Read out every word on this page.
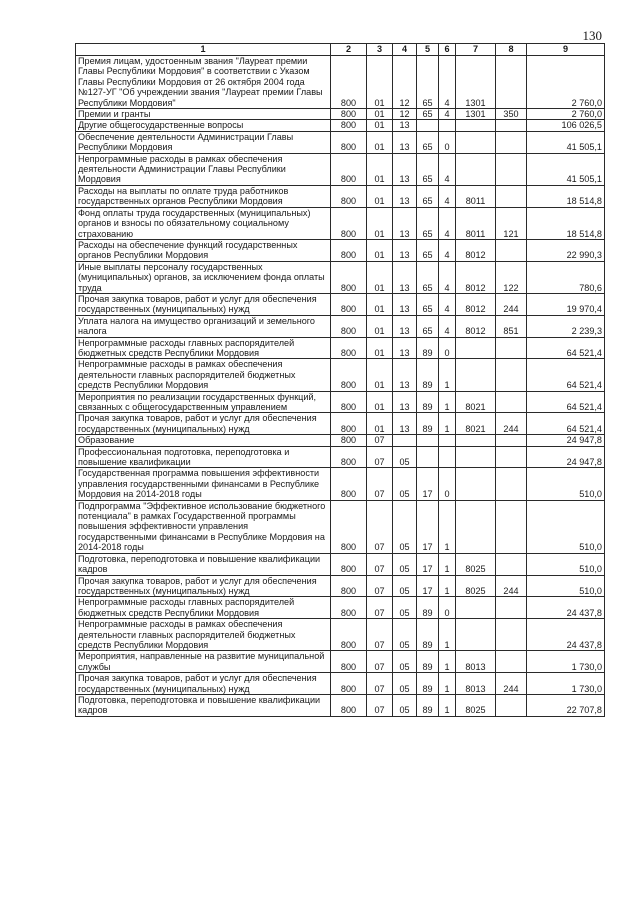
130
1	2	3	4	5	6	7	8	9
Премия лицам, удостоенным звания "Лауреат премии Главы Республики Мордовия" в соответствии с Указом Главы Республики Мордовия от 26 октября 2004 года №127-УГ "Об учреждении звания "Лауреат премии Главы Республики Мордовия"	800	01	12	65	4	1301		2 760,0
Премии и гранты	800	01	12	65	4	1301	350	2 760,0
Другие общегосударственные вопросы	800	01	13					106 026,5
Обеспечение деятельности Администрации Главы Республики Мордовия	800	01	13	65	0			41 505,1
Непрограммные расходы в рамках обеспечения деятельности Администрации Главы Республики Мордовия	800	01	13	65	4			41 505,1
Расходы на выплаты по оплате труда работников государственных органов Республики Мордовия	800	01	13	65	4	8011		18 514,8
Фонд оплаты труда государственных (муниципальных) органов и взносы по обязательному социальному страхованию	800	01	13	65	4	8011	121	18 514,8
Расходы на обеспечение функций государственных органов Республики Мордовия	800	01	13	65	4	8012		22 990,3
Иные выплаты персоналу государственных (муниципальных) органов, за исключением фонда оплаты труда	800	01	13	65	4	8012	122	780,6
Прочая закупка товаров, работ и услуг для обеспечения государственных (муниципальных) нужд	800	01	13	65	4	8012	244	19 970,4
Уплата налога на имущество организаций и земельного налога	800	01	13	65	4	8012	851	2 239,3
Непрограммные расходы главных распорядителей бюджетных средств Республики Мордовия	800	01	13	89	0			64 521,4
Непрограммные расходы в рамках обеспечения деятельности главных распорядителей бюджетных средств Республики Мордовия	800	01	13	89	1			64 521,4
Мероприятия по реализации государственных функций, связанных с общегосударственным управлением	800	01	13	89	1	8021		64 521,4
Прочая закупка товаров, работ и услуг для обеспечения государственных (муниципальных) нужд	800	01	13	89	1	8021	244	64 521,4
Образование	800	07						24 947,8
Профессиональная подготовка, переподготовка и повышение квалификации	800	07	05					24 947,8
Государственная программа повышения эффективности управления государственными финансами в Республике Мордовия на 2014-2018 годы	800	07	05	17	0			510,0
Подпрограмма "Эффективное использование бюджетного потенциала" в рамках Государственной программы повышения эффективности управления государственными финансами в Республике Мордовия на 2014-2018 годы	800	07	05	17	1			510,0
Подготовка, переподготовка и повышение квалификации кадров	800	07	05	17	1	8025		510,0
Прочая закупка товаров, работ и услуг для обеспечения государственных (муниципальных) нужд	800	07	05	17	1	8025	244	510,0
Непрограммные расходы главных распорядителей бюджетных средств Республики Мордовия	800	07	05	89	0			24 437,8
Непрограммные расходы в рамках обеспечения деятельности главных распорядителей бюджетных средств Республики Мордовия	800	07	05	89	1			24 437,8
Мероприятия, направленные на развитие муниципальной службы	800	07	05	89	1	8013		1 730,0
Прочая закупка товаров, работ и услуг для обеспечения государственных (муниципальных) нужд	800	07	05	89	1	8013	244	1 730,0
Подготовка, переподготовка и повышение квалификации кадров	800	07	05	89	1	8025		22 707,8
